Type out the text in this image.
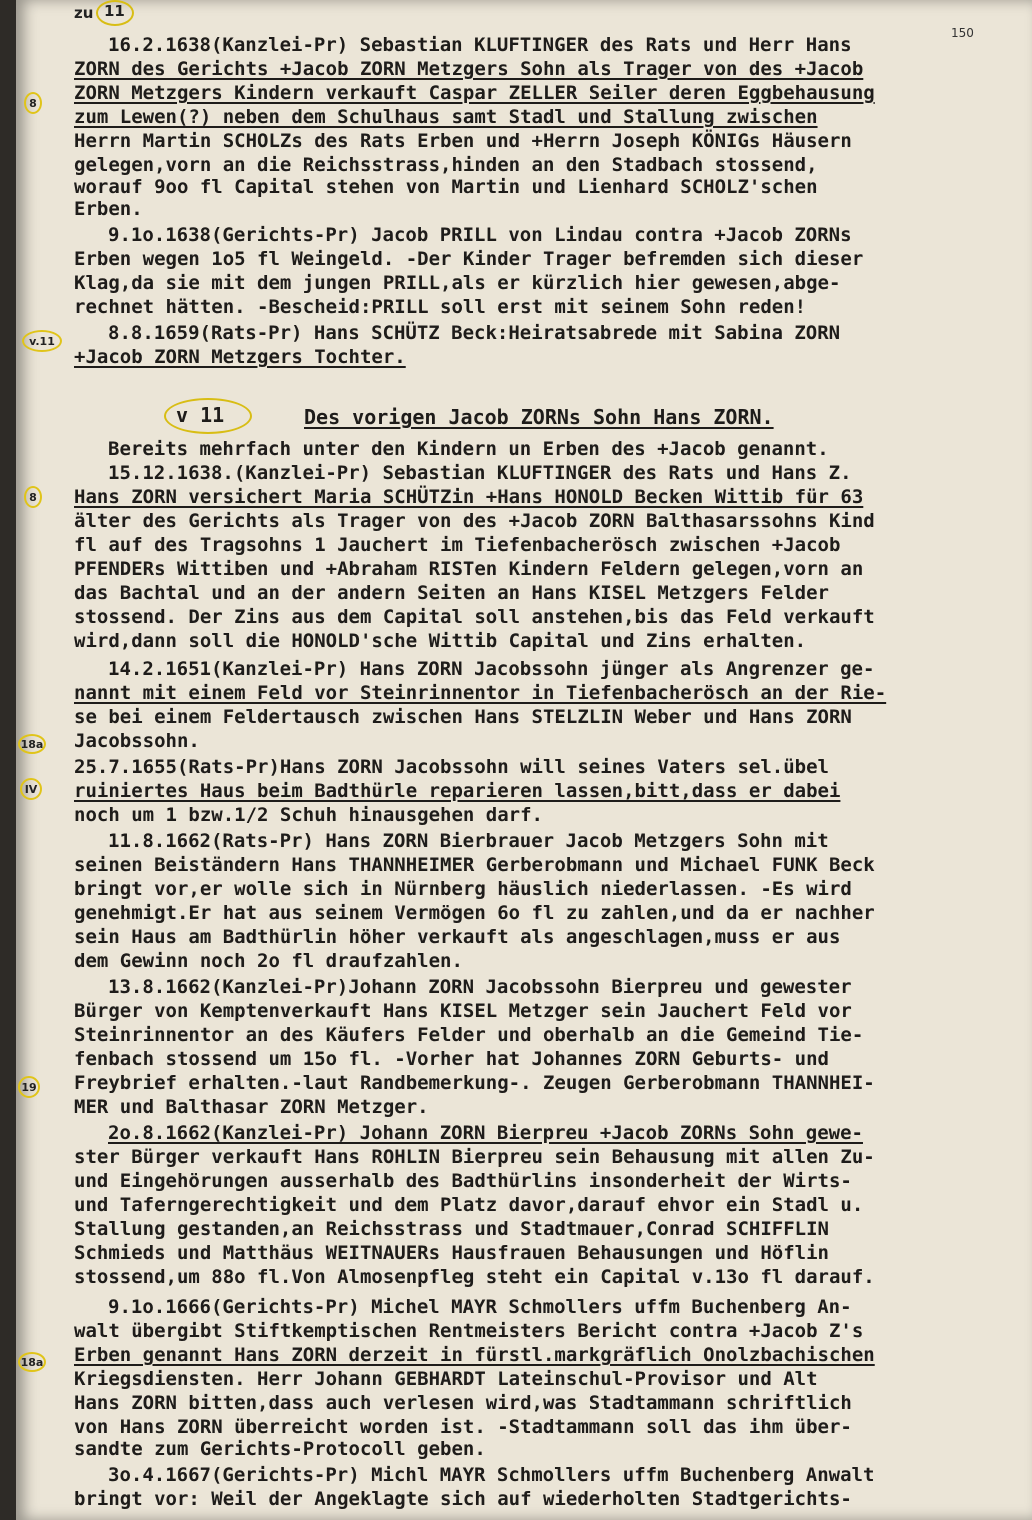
zu 11
150
8
v.11
8
18a
IV
19
18a
v 11	Des vorigen Jacob ZORNs Sohn Hans ZORN.
16.2.1638(Kanzlei-Pr) Sebastian KLUFTINGER des Rats und Herr Hans
ZORN des Gerichts +Jacob ZORN Metzgers Sohn als Trager von des +Jacob
ZORN Metzgers Kindern verkauft Caspar ZELLER Seiler deren Eggbehausung
zum Lewen(?) neben dem Schulhaus samt Stadl und Stallung zwischen
Herrn Martin SCHOLZs des Rats Erben und +Herrn Joseph KÖNIGs Häusern
gelegen,vorn an die Reichsstrass,hinden an den Stadbach stossend,
worauf 9oo fl Capital stehen von Martin und Lienhard SCHOLZ'schen
Erben.
9.1o.1638(Gerichts-Pr) Jacob PRILL von Lindau contra +Jacob ZORNs
Erben wegen 1o5 fl Weingeld. -Der Kinder Trager befremden sich dieser
Klag,da sie mit dem jungen PRILL,als er kürzlich hier gewesen,abge-
rechnet hätten. -Bescheid:PRILL soll erst mit seinem Sohn reden!
8.8.1659(Rats-Pr) Hans SCHÜTZ Beck:Heiratsabrede mit Sabina ZORN
+Jacob ZORN Metzgers Tochter.
Bereits mehrfach unter den Kindern un Erben des +Jacob genannt.
15.12.1638.(Kanzlei-Pr) Sebastian KLUFTINGER des Rats und Hans Z.
Hans ZORN versichert Maria SCHÜTZin +Hans HONOLD Becken Wittib für 63
älter des Gerichts als Trager von des +Jacob ZORN Balthasarssohns Kind
fl auf des Tragsohns 1 Jauchert im Tiefenbacherösch zwischen +Jacob
PFENDERs Wittiben und +Abraham RISTen Kindern Feldern gelegen,vorn an
das Bachtal und an der andern Seiten an Hans KISEL Metzgers Felder
stossend. Der Zins aus dem Capital soll anstehen,bis das Feld verkauft
wird,dann soll die HONOLD'sche Wittib Capital und Zins erhalten.
14.2.1651(Kanzlei-Pr) Hans ZORN Jacobssohn jünger als Angrenzer ge-
nannt mit einem Feld vor Steinrinnentor in Tiefenbacherösch an der Rie-
se bei einem Feldertausch zwischen Hans STELZLIN Weber und Hans ZORN
Jacobssohn.
25.7.1655(Rats-Pr)Hans ZORN Jacobssohn will seines Vaters sel.übel
ruiniertes Haus beim Badthürle reparieren lassen,bitt,dass er dabei
noch um 1 bzw.1/2 Schuh hinausgehen darf.
11.8.1662(Rats-Pr) Hans ZORN Bierbrauer Jacob Metzgers Sohn mit
seinen Beiständern Hans THANNHEIMER Gerberobmann und Michael FUNK Beck
bringt vor,er wolle sich in Nürnberg häuslich niederlassen. -Es wird
genehmigt.Er hat aus seinem Vermögen 6o fl zu zahlen,und da er nachher
sein Haus am Badthürlin höher verkauft als angeschlagen,muss er aus
dem Gewinn noch 2o fl draufzahlen.
13.8.1662(Kanzlei-Pr)Johann ZORN Jacobssohn Bierpreu und gewester
Bürger von Kemptenverkauft Hans KISEL Metzger sein Jauchert Feld vor
Steinrinnentor an des Käufers Felder und oberhalb an die Gemeind Tie-
fenbach stossend um 15o fl. -Vorher hat Johannes ZORN Geburts- und
Freybrief erhalten.-laut Randbemerkung-. Zeugen Gerberobmann THANNHEI-
MER und Balthasar ZORN Metzger.
2o.8.1662(Kanzlei-Pr) Johann ZORN Bierpreu +Jacob ZORNs Sohn gewe-
ster Bürger verkauft Hans ROHLIN Bierpreu sein Behausung mit allen Zu-
und Eingehörungen ausserhalb des Badthürlins insonderheit der Wirts-
und Taferngerechtigkeit und dem Platz davor,darauf ehvor ein Stadl u.
Stallung gestanden,an Reichsstrass und Stadtmauer,Conrad SCHIFFLIN
Schmieds und Matthäus WEITNAUERs Hausfrauen Behausungen und Höflin
stossend,um 88o fl.Von Almosenpfleg steht ein Capital v.13o fl darauf.
9.1o.1666(Gerichts-Pr) Michel MAYR Schmollers uffm Buchenberg An-
walt übergibt Stiftkemptischen Rentmeisters Bericht contra +Jacob Z's
Erben genannt Hans ZORN derzeit in fürstl.markgräflich Onolzbachischen
Kriegsdiensten. Herr Johann GEBHARDT Lateinschul-Provisor und Alt
Hans ZORN bitten,dass auch verlesen wird,was Stadtammann schriftlich
von Hans ZORN überreicht worden ist. -Stadtammann soll das ihm über-
sandte zum Gerichts-Protocoll geben.
3o.4.1667(Gerichts-Pr) Michl MAYR Schmollers uffm Buchenberg Anwalt
bringt vor: Weil der Angeklagte sich auf wiederholten Stadtgerichts-
